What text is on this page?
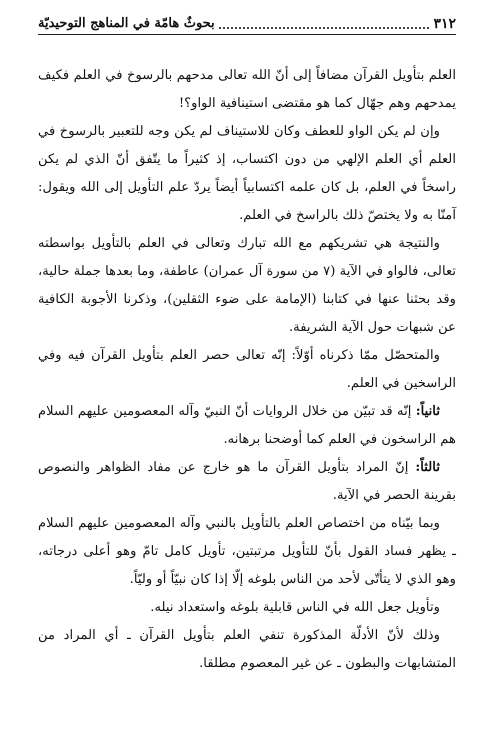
٣١٢
بحوثٌ هامّة في المناهج التوحيديّة

العلم بتأويل القرآن مضافاً إلى أنّ الله تعالى مدحهم بالرسوخ في العلم فكيف يمدحهم وهم جهّال كما هو مقتضى استينافية الواو؟!

وإن لم يكن الواو للعطف وكان للاستيناف لم يكن وجه للتعبير بالرسوخ في العلم أي العلم الإلهي من دون اكتساب، إذ كثيراً ما يتّفق أنّ الذي لم يكن راسخاً في العلم، بل كان علمه اكتسابياً أيضاً يردّ علم التأويل إلى الله ويقول: آمنّا به ولا يختصّ ذلك بالراسخ في العلم.

والنتيجة هي تشريكهم مع الله تبارك وتعالى في العلم بالتأويل بواسطته تعالى، فالواو في الآية (٧ من سورة آل عمران) عاطفة، وما بعدها جملة حالية، وقد بحثنا عنها في كتابنا (الإمامة على ضوء الثقلين)، وذكرنا الأجوبة الكافية عن شبهات حول الآية الشريفة.

والمتحصّل ممّا ذكرناه أوّلاً: إنّه تعالى حصر العلم بتأويل القرآن فيه وفي الراسخين في العلم.

ثانياً: إنّه قد تبيّن من خلال الروايات أنّ النبيّ وآله المعصومين عليهم السلام هم الراسخون في العلم كما أوضحنا برهانه.

ثالثاً: إنّ المراد بتأويل القرآن ما هو خارج عن مفاد الظواهر والنصوص بقرينة الحصر في الآية.

وبما بيّناه من اختصاص العلم بالتأويل بالنبي وآله المعصومين عليهم السلام ـ يظهر فساد القول بأنّ للتأويل مرتبتين، تأويل كامل تامّ وهو أعلى درجاته، وهو الذي لا يتأتّى لأحد من الناس بلوغه إلّا إذا كان نبيّاً أو وليّاً.

وتأويل جعل الله في الناس قابلية بلوغه واستعداد نيله.

وذلك لأنّ الأدلّة المذكورة تنفي العلم بتأويل القرآن ـ أي المراد من المتشابهات والبطون ـ عن غير المعصوم مطلقا.
